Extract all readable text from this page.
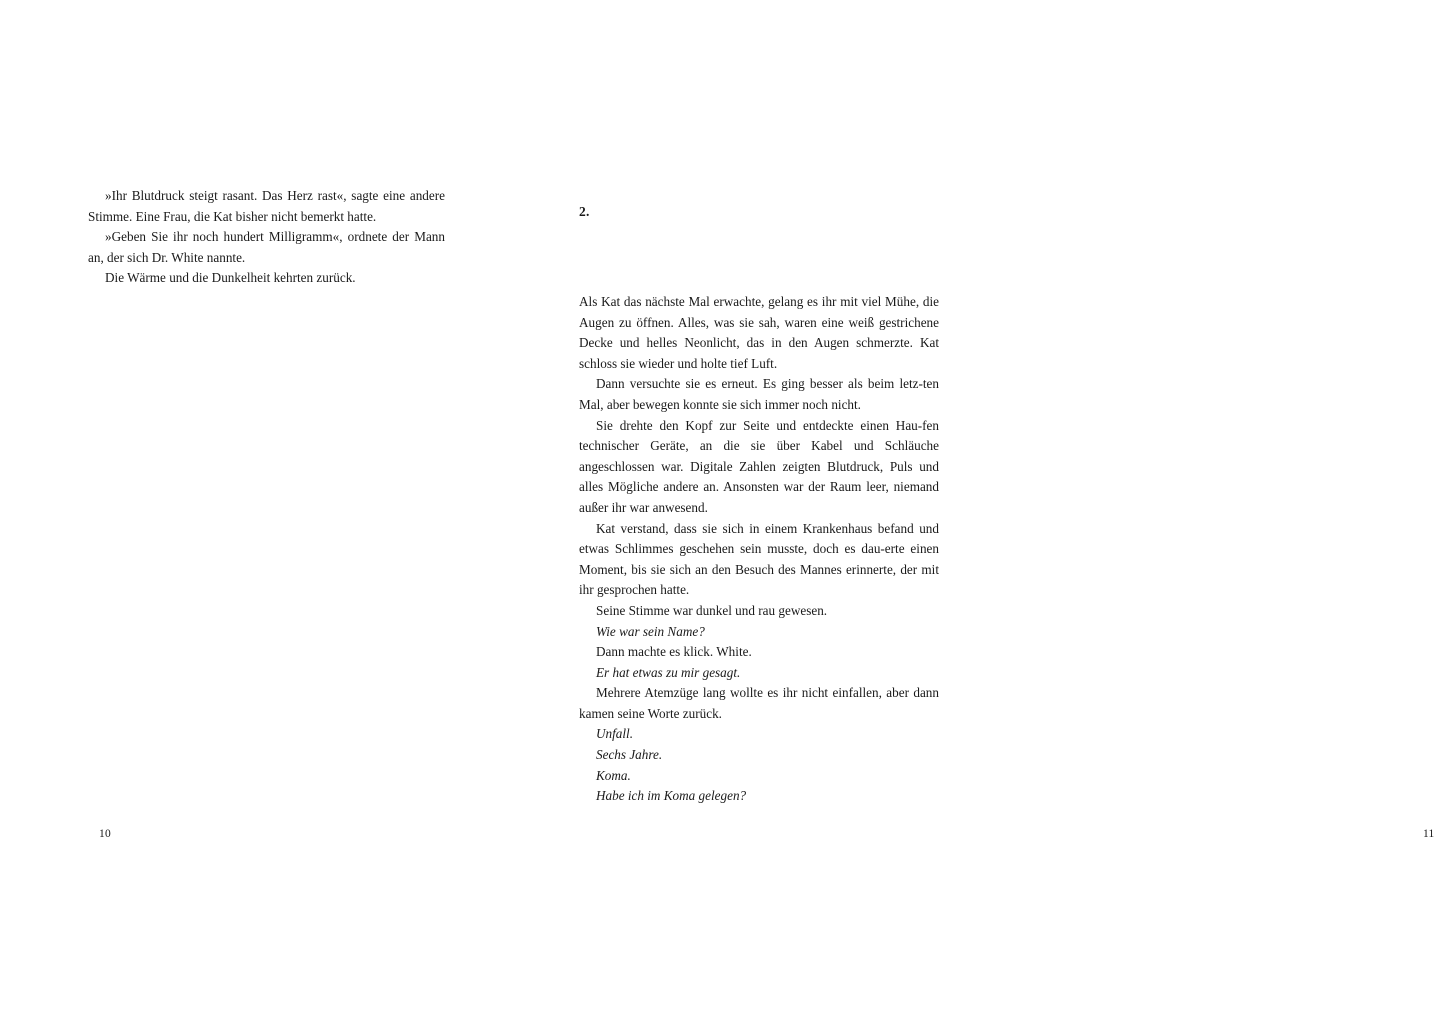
»Ihr Blutdruck steigt rasant. Das Herz rast«, sagte eine andere Stimme. Eine Frau, die Kat bisher nicht bemerkt hatte.

»Geben Sie ihr noch hundert Milligramm«, ordnete der Mann an, der sich Dr. White nannte.

Die Wärme und die Dunkelheit kehrten zurück.

10
2.

Als Kat das nächste Mal erwachte, gelang es ihr mit viel Mühe, die Augen zu öffnen. Alles, was sie sah, waren eine weiß gestrichene Decke und helles Neonlicht, das in den Augen schmerzte. Kat schloss sie wieder und holte tief Luft.

Dann versuchte sie es erneut. Es ging besser als beim letz-ten Mal, aber bewegen konnte sie sich immer noch nicht.

Sie drehte den Kopf zur Seite und entdeckte einen Hau-fen technischer Geräte, an die sie über Kabel und Schläuche angeschlossen war. Digitale Zahlen zeigten Blutdruck, Puls und alles Mögliche andere an. Ansonsten war der Raum leer, niemand außer ihr war anwesend.

Kat verstand, dass sie sich in einem Krankenhaus befand und etwas Schlimmes geschehen sein musste, doch es dau-erte einen Moment, bis sie sich an den Besuch des Mannes erinnerte, der mit ihr gesprochen hatte.

Seine Stimme war dunkel und rau gewesen.

Wie war sein Name?

Dann machte es klick. White.

Er hat etwas zu mir gesagt.

Mehrere Atemzüge lang wollte es ihr nicht einfallen, aber dann kamen seine Worte zurück.

Unfall.

Sechs Jahre.

Koma.

Habe ich im Koma gelegen?

11
